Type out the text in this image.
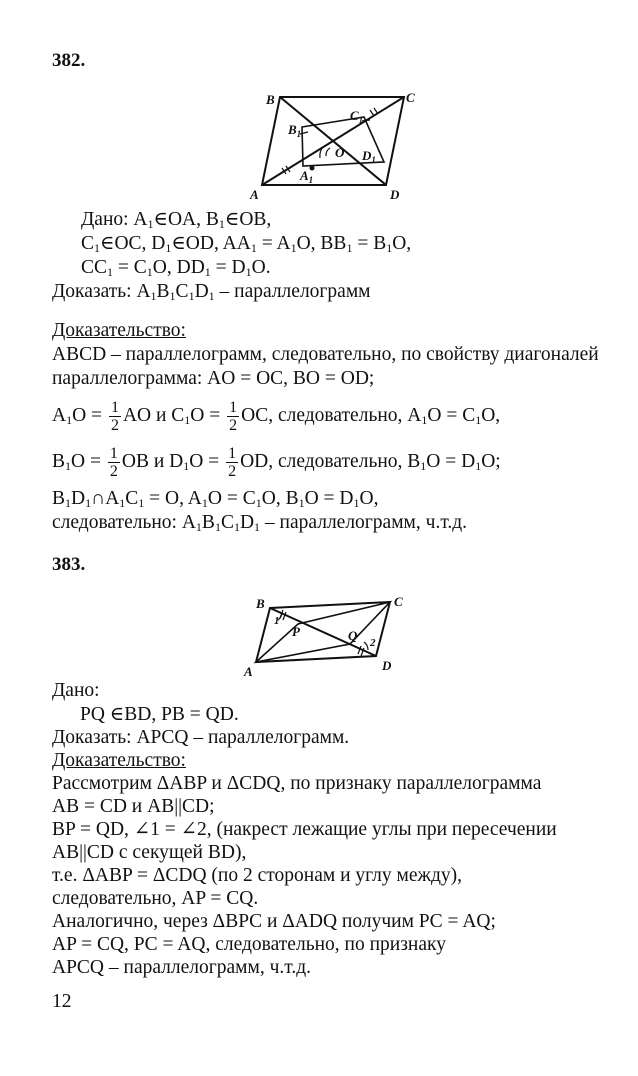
382.
B	C
A	D
$B_1$
$C_1$
O $D_1$
$A_1$
Дано: $A_1\in OA$, $B_1\in OB$,
$C_1\in OC$, $D_1\in OD$, $AA_1 = A_1O$, $BB_1 = B_1O$,
$CC_1 = C_1O$, $DD_1 = D_1O$.
Доказать: $A_1B_1C_1D_1$ – параллелограмм
Доказательство:
ABCD – параллелограмм, следовательно, по свойству диагоналей
параллелограмма: AO = OC, BO = OD;
$A_1O = \frac{1}{2}$ AO и $C_1O = \frac{1}{2}$ OC, следовательно, $A_1O = C_1O$,
$B_1O = \frac{1}{2}$ OB и $D_1O = \frac{1}{2}$ OD, следовательно, $B_1O = D_1O$;
$B_1D_1\cap A_1C_1 = O$, $A_1O = C_1O$, $B_1O = D_1O$,
следовательно: $A_1B_1C_1D_1$ – параллелограмм, ч.т.д.
383.
B	C
A	D
P	Q
1
2
Дано:
PQ ∈BD, PB = QD.
Доказать: APCQ – параллелограмм.
Доказательство:
Рассмотрим ΔABP и ΔCDQ, по признаку параллелограмма
AB = CD и AB||CD;
BP = QD, ∠1 = ∠2, (накрест лежащие углы при пересечении
AB||CD с секущей BD),
т.е. ΔABP = ΔCDQ (по 2 сторонам и углу между),
следовательно, AP = CQ.
Аналогично, через ΔBPC и ΔADQ получим PC = AQ;
AP = CQ, PC = AQ, следовательно, по признаку
APCQ – параллелограмм, ч.т.д.
12
